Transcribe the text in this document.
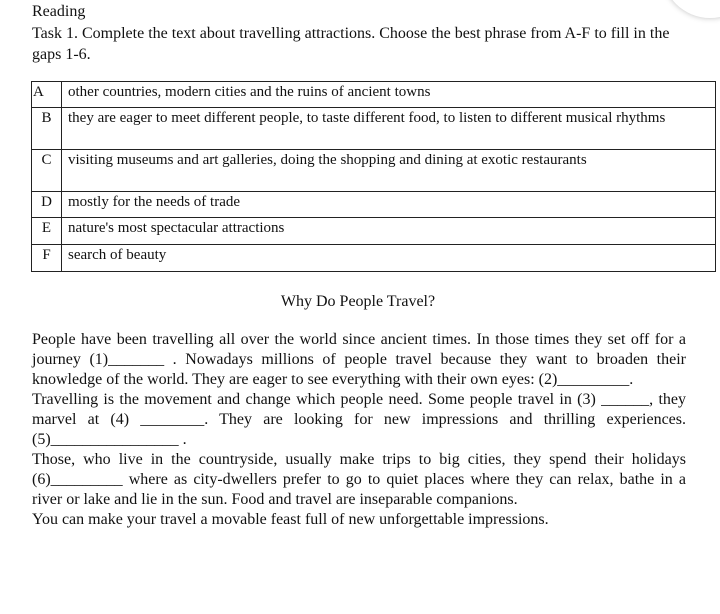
Reading
Task 1. Complete the text about travelling attractions. Choose the best phrase from A-F to fill in the gaps 1-6.
A	other countries, modern cities and the ruins of ancient towns
B	they are eager to meet different people, to taste different food, to listen to different musical rhythms
C	visiting museums and art galleries, doing the shopping and dining at exotic restaurants
D	mostly for the needs of trade
E	nature's most spectacular attractions
F	search of beauty
Why Do People Travel?

People have been travelling all over the world since ancient times. In those times they set off for a journey (1)_______ . Nowadays millions of people travel because they want to broaden their knowledge of the world. They are eager to see everything with their own eyes: (2)_________.

Travelling is the movement and change which people need. Some people travel in (3) ______, they marvel at (4) ________. They are looking for new impressions and thrilling experiences. (5)________________ .

Those, who live in the countryside, usually make trips to big cities, they spend their holidays (6)_________ where as city-dwellers prefer to go to quiet places where they can relax, bathe in a river or lake and lie in the sun. Food and travel are inseparable companions.

You can make your travel a movable feast full of new unforgettable impressions.
